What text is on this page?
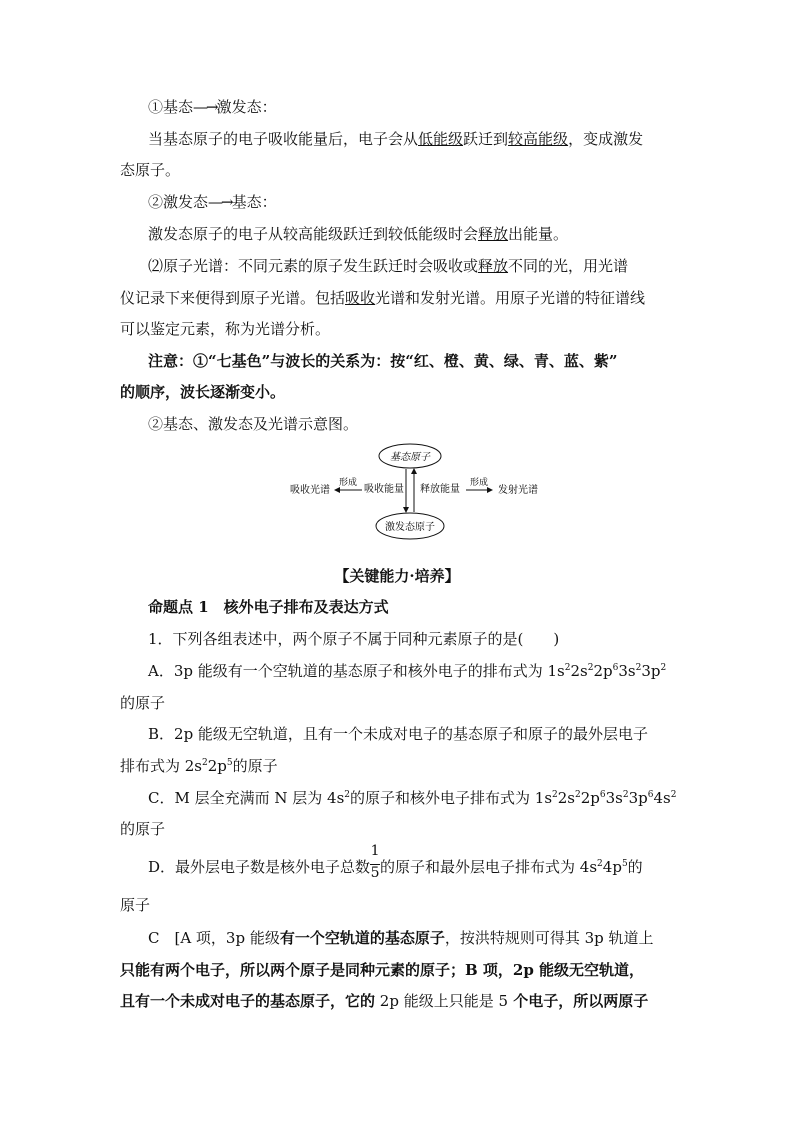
①基态—→激发态：
当基态原子的电子吸收能量后，电子会从低能级跃迁到较高能级，变成激发
态原子。
②激发态—→基态：
激发态原子的电子从较高能级跃迁到较低能级时会释放出能量。
⑵原子光谱：不同元素的原子发生跃迁时会吸收或释放不同的光，用光谱
仪记录下来便得到原子光谱。包括吸收光谱和发射光谱。用原子光谱的特征谱线
可以鉴定元素，称为光谱分析。
注意：①“七基色”与波长的关系为：按“红、橙、黄、绿、青、蓝、紫”
的顺序，波长逐渐变小。
②基态、激发态及光谱示意图。
基态原子
激发态原子
吸收能量 释放能量
形成
吸收光谱
形成
发射光谱
【关键能力·培养】
命题点 1　核外电子排布及表达方式
1．下列各组表述中，两个原子不属于同种元素原子的是(　　)
A．3p 能级有一个空轨道的基态原子和核外电子的排布式为 $1s^22s^22p^63s^23p^2$
的原子
B．2p 能级无空轨道，且有一个未成对电子的基态原子和原子的最外层电子
排布式为 $2s^22p^5$的原子
C．M 层全充满而 N 层为 $4s^2$的原子和核外电子排布式为 $1s^22s^22p^63s^23p^64s^2$
的原子
D．最外层电子数是核外电子总数 $\frac{1}{5}$ 的原子和最外层电子排布式为 $4s^24p^5$的
原子
C　[A 项，3p 能级有一个空轨道的基态原子，按洪特规则可得其 3p 轨道上
只能有两个电子，所以两个原子是同种元素的原子；B 项，2p 能级无空轨道，
且有一个未成对电子的基态原子，它的 2p 能级上只能是 5 个电子，所以两原子
